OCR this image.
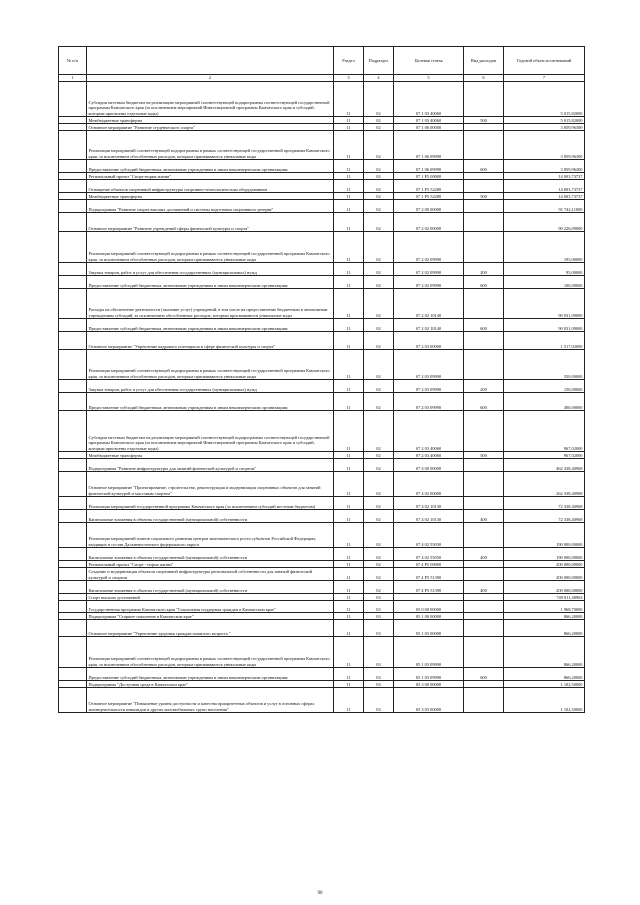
№ п/п		Раздел	Подраздел	Целевая статья	Вид расходов	Годовой объем ассигнований
1	2	3	4	5	6	7
	Субсидии местным бюджетам на реализацию мероприятий соответствующей подпрограммы соответствующей государственной программы Камчатского края (за исключением мероприятий Инвестиционной программы Камчатского края и субсидий, которым присвоены отдельные коды)	11	02	07 1 03 40060		5 015,82000
	Межбюджетные трансферты	11	02	07 1 03 40060	500	5 015,82000
	Основное мероприятие "Развитие студенческого спорта"	11	02	07 1 06 00000		3 859,96300
	Реализация мероприятий соответствующей подпрограммы в рамках соответствующей государственной программы Камчатского края, за исключением обособленных расходов, которым присваиваются уникальные коды	11	02	07 1 06 09990		3 859,96300
	Предоставление субсидий бюджетным, автономным учреждениям и иным некоммерческим организациям	11	02	07 1 06 09990	600	3 859,96300
	Региональный проект "Спорт-норма жизни"	11	02	07 1 P5 00000		14 003,73737
	Оснащение объектов спортивной инфраструктуры спортивно-технологическим оборудованием	11	02	07 1 P5 52280		14 003,73737
	Межбюджетные трансферты	11	02	07 1 P5 52280	500	14 003,73737
	Подпрограмма "Развитие спорта высших достижений и системы подготовки спортивного резерва"	11	02	07 2 00 00000		91 742,11000
	Основное мероприятие "Развитие учреждений сферы физической культуры и спорта"	11	02	07 2 02 00000		90 226,09000
	Реализация мероприятий соответствующей подпрограммы в рамках соответствующей государственной программы Камчатского края, за исключением обособленных расходов, которым присваиваются уникальные коды	11	02	07 2 02 09990		195,00000
	Закупка товаров, работ и услуг для обеспечения государственных (муниципальных) нужд	11	02	07 2 02 09990	200	95,00000
	Предоставление субсидий бюджетным, автономным учреждениям и иным некоммерческим организациям	11	02	07 2 02 09990	600	100,00000
	Расходы на обеспечение деятельности (оказание услуг) учреждений, в том числе на предоставление бюджетным и автономным учреждениям субсидий, за исключением обособленных расходов, которым присваиваются уникальные коды	11	02	07 2 02 10140		90 031,09000
	Предоставление субсидий бюджетным, автономным учреждениям и иным некоммерческим организациям	11	02	07 2 02 10140	600	90 031,09000
	Основное мероприятие "Укрепление кадрового потенциала в сфере физической культуры и спорта"	11	02	07 2 03 00000		1 517,02000
	Реализация мероприятий соответствующей подпрограммы в рамках соответствующей государственной программы Камчатского края, за исключением обособленных расходов, которым присваиваются уникальные коды	11	02	07 2 03 09990		550,00000
	Закупка товаров, работ и услуг для обеспечения государственных (муниципальных) нужд	11	02	07 2 03 09990	200	150,00000
	Предоставление субсидий бюджетным, автономным учреждениям и иным некоммерческим организациям	11	02	07 2 03 09990	600	400,00000
	Субсидии местным бюджетам на реализацию мероприятий соответствующей подпрограммы соответствующей государственной программы Камчатского края (за исключением мероприятий Инвестиционной программы Камчатского края и субсидий, которым присвоены отдельные коды)	11	02	07 2 03 40060		967,02000
	Межбюджетные трансферты	11	02	07 2 03 40060	500	967,02000
	Подпрограмма "Развитие инфраструктуры для занятий физической культурой и спортом"	11	02	07 4 00 00000		462 338,40968
	Основное мероприятие "Проектирование, строительство, реконструкция и модернизация спортивных объектов для занятий физической культурой и массовым спортом"	11	02	07 4 02 00000		262 338,40968
	Реализация мероприятий государственной программы Камчатского края (за исключением субсидий местным бюджетам)	11	02	07 4 02 10130		72 338,40968
	Капитальные вложения в объекты государственной (муниципальной) собственности	11	02	07 4 02 10130	400	72 338,40968
	Реализация мероприятий планов социального развития центров экономического роста субъектов Российской Федерации, входящих в состав Дальневосточного федерального округа	11	02	07 4 02 55050		190 000,00000
	Капитальные вложения в объекты государственной (муниципальной) собственности	11	02	07 4 02 55050	400	190 000,00000
	Региональный проект "Спорт - норма жизни"	11	02	07 4 P5 00000		200 000,00000
	Создание и модернизация объектов спортивной инфраструктуры региональной собственности для занятий физической культурой и спортом	11	02	07 4 P5 51390		200 000,00000
	Капитальные вложения в объекты государственной (муниципальной) собственности	11	02	07 4 P5 51390	400	200 000,00000
	Спорт высших достижений	11	03			749 811,48963
	Государственная программа Камчатского края "Социальная поддержка граждан в Камчатском крае"	11	03	05 0 00 00000		1 968,70000
	Подпрограмма "Старшее поколение в Камчатском крае"	11	03	05 1 00 00000		866,20000
	Основное мероприятие "Укрепление здоровья граждан пожилого возраста "	11	03	05 1 03 00000		866,20000
	Реализация мероприятий соответствующей подпрограммы в рамках соответствующей государственной программы Камчатского края, за исключением обособленных расходов, которым присваиваются уникальные коды	11	03	05 1 03 09990		866,20000
	Предоставление субсидий бюджетным, автономным учреждениям и иным некоммерческим организациям	11	03	05 1 03 09990	600	866,20000
	Подпрограмма "Доступная среда в Камчатском крае"	11	03	05 3 00 00000		1 102,50000
	Основное мероприятие "Повышение уровня доступности и качества приоритетных объектов и услуг в основных сферах жизнедеятельности инвалидов и других маломобильных групп населения"	11	03	05 3 03 00000		1 102,50000
90
